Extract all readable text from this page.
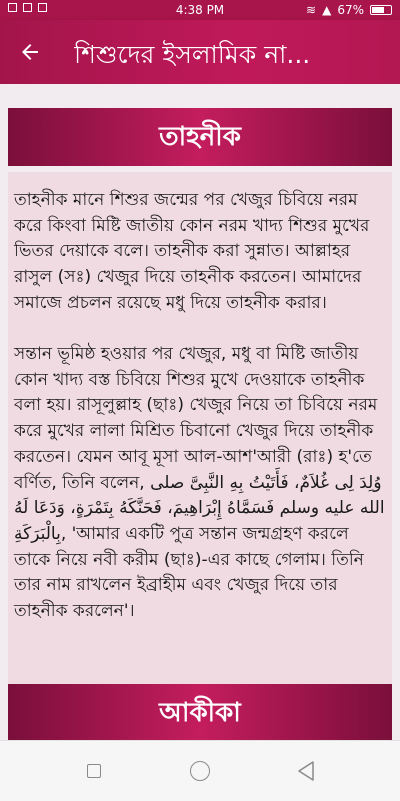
4:38 PM	≋ ▲ 67%
শিশুদের ইসলামিক না...
তাহনীক

তাহনীক মানে শিশুর জন্মের পর খেজুর চিবিয়ে নরম করে কিংবা মিষ্টি জাতীয় কোন নরম খাদ্য শিশুর মুখের ভিতর দেয়াকে বলে। তাহনীক করা সুন্নাত। আল্লাহর রাসুল (সঃ) খেজুর দিয়ে তাহনীক করতেন। আমাদের সমাজে প্রচলন রয়েছে মধু দিয়ে তাহনীক করার।

সন্তান ভূমিষ্ঠ হওয়ার পর খেজুর, মধু বা মিষ্টি জাতীয় কোন খাদ্য বস্ত চিবিয়ে শিশুর মুখে দেওয়াকে তাহনীক বলা হয়। রাসূলুল্লাহ (ছাঃ) খেজুর নিয়ে তা চিবিয়ে নরম করে মুখের লালা মিশ্রিত চিবানো খেজুর দিয়ে তাহনীক করতেন। যেমন আবূ মূসা আল-আশ'আরী (রাঃ) হ'তে বর্ণিত, তিনি বলেন, وُلِدَ لِى غُلاَمٌ، فَأَتَيْتُ بِهِ النَّبِىَّ صلى الله عليه وسلم فَسَمَّاهُ إِبْرَاهِيمَ، فَحَنَّكَهُ بِتَمْرَةٍ، وَدَعَا لَهُ بِالْبَرَكَةِ, 'আমার একটি পুত্র সন্তান জন্মগ্রহণ করলে তাকে নিয়ে নবী করীম (ছাঃ)-এর কাছে গেলাম। তিনি তার নাম রাখলেন ইব্রাহীম এবং খেজুর দিয়ে তার তাহনীক করলেন'।

আকীকা
